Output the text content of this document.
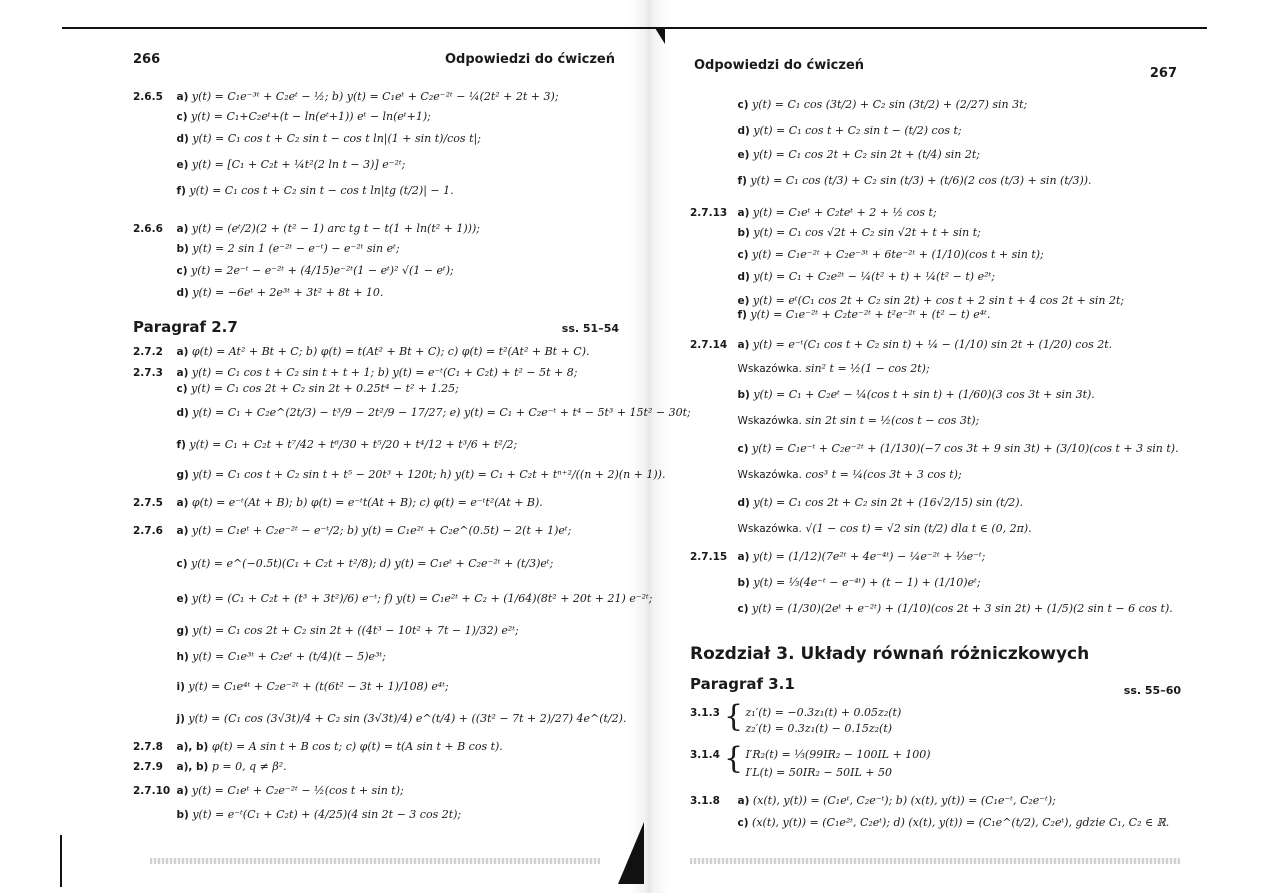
266	Odpowiedzi do ćwiczeń
2.6.5 a) y(t) = C₁e⁻³ᵗ + C₂eᵗ − ½; b) y(t) = C₁eᵗ + C₂e⁻²ᵗ − ¼(2t² + 2t + 3);
c) y(t) = C₁+C₂eᵗ+(t − ln(eᵗ+1)) eᵗ − ln(eᵗ+1);
d) y(t) = C₁ cos t + C₂ sin t − cos t ln|(1 + sin t)/cos t|;
e) y(t) = [C₁ + C₂t + ¼t²(2 ln t − 3)] e⁻²ᵗ;
f) y(t) = C₁ cos t + C₂ sin t − cos t ln|tg (t/2)| − 1.
2.6.6 a) y(t) = (eᵗ/2)(2 + (t² − 1) arc tg t − t(1 + ln(t² + 1)));
b) y(t) = 2 sin 1 (e⁻²ᵗ − e⁻ᵗ) − e⁻²ᵗ sin eᵗ;
c) y(t) = 2e⁻ᵗ − e⁻²ᵗ + (4/15)e⁻²ᵗ(1 − eᵗ)² √(1 − eᵗ);
d) y(t) = −6eᵗ + 2e³ᵗ + 3t² + 8t + 10.
Paragraf 2.7	ss. 51–54
2.7.2 a) φ(t) = At² + Bt + C; b) φ(t) = t(At² + Bt + C); c) φ(t) = t²(At² + Bt + C).
2.7.3 a) y(t) = C₁ cos t + C₂ sin t + t + 1; b) y(t) = e⁻ᵗ(C₁ + C₂t) + t² − 5t + 8;
c) y(t) = C₁ cos 2t + C₂ sin 2t + 0.25t⁴ − t² + 1.25;
d) y(t) = C₁ + C₂e^(2t/3) − t³/9 − 2t²/9 − 17/27; e) y(t) = C₁ + C₂e⁻ᵗ + t⁴ − 5t³ + 15t² − 30t;
f) y(t) = C₁ + C₂t + t⁷/42 + t⁶/30 + t⁵/20 + t⁴/12 + t³/6 + t²/2;
g) y(t) = C₁ cos t + C₂ sin t + t⁵ − 20t³ + 120t; h) y(t) = C₁ + C₂t + tⁿ⁺²/((n + 2)(n + 1)).
2.7.5 a) φ(t) = e⁻ᵗ(At + B); b) φ(t) = e⁻ᵗt(At + B); c) φ(t) = e⁻ᵗt²(At + B).
2.7.6 a) y(t) = C₁eᵗ + C₂e⁻²ᵗ − e⁻ᵗ/2; b) y(t) = C₁e²ᵗ + C₂e^(0.5t) − 2(t + 1)eᵗ;
c) y(t) = e^(−0.5t)(C₁ + C₂t + t²/8); d) y(t) = C₁eᵗ + C₂e⁻²ᵗ + (t/3)eᵗ;
e) y(t) = (C₁ + C₂t + (t³ + 3t²)/6) e⁻ᵗ; f) y(t) = C₁e²ᵗ + C₂ + (1/64)(8t² + 20t + 21) e⁻²ᵗ;
g) y(t) = C₁ cos 2t + C₂ sin 2t + ((4t³ − 10t² + 7t − 1)/32) e²ᵗ;
h) y(t) = C₁e³ᵗ + C₂eᵗ + (t/4)(t − 5)e³ᵗ;
i) y(t) = C₁e⁴ᵗ + C₂e⁻²ᵗ + (t(6t² − 3t + 1)/108) e⁴ᵗ;
j) y(t) = (C₁ cos (3√3t)/4 + C₂ sin (3√3t)/4) e^(t/4) + ((3t² − 7t + 2)/27) 4e^(t/2).
2.7.8 a), b) φ(t) = A sin t + B cos t; c) φ(t) = t(A sin t + B cos t).
2.7.9 a), b) p = 0, q ≠ β².
2.7.10 a) y(t) = C₁eᵗ + C₂e⁻²ᵗ − ½(cos t + sin t);
b) y(t) = e⁻ᵗ(C₁ + C₂t) + (4/25)(4 sin 2t − 3 cos 2t);
Odpowiedzi do ćwiczeń
267
c) y(t) = C₁ cos (3t/2) + C₂ sin (3t/2) + (2/27) sin 3t;
d) y(t) = C₁ cos t + C₂ sin t − (t/2) cos t;
e) y(t) = C₁ cos 2t + C₂ sin 2t + (t/4) sin 2t;
f) y(t) = C₁ cos (t/3) + C₂ sin (t/3) + (t/6)(2 cos (t/3) + sin (t/3)).
2.7.13 a) y(t) = C₁eᵗ + C₂teᵗ + 2 + ½ cos t;
b) y(t) = C₁ cos √2t + C₂ sin √2t + t + sin t;
c) y(t) = C₁e⁻²ᵗ + C₂e⁻³ᵗ + 6te⁻²ᵗ + (1/10)(cos t + sin t);
d) y(t) = C₁ + C₂e²ᵗ − ¼(t² + t) + ¼(t² − t) e²ᵗ;
e) y(t) = eᵗ(C₁ cos 2t + C₂ sin 2t) + cos t + 2 sin t + 4 cos 2t + sin 2t;
f) y(t) = C₁e⁻²ᵗ + C₂te⁻²ᵗ + t²e⁻²ᵗ + (t² − t) e⁴ᵗ.
2.7.14 a) y(t) = e⁻ᵗ(C₁ cos t + C₂ sin t) + ¼ − (1/10) sin 2t + (1/20) cos 2t.
Wskazówka. sin² t = ½(1 − cos 2t);
b) y(t) = C₁ + C₂eᵗ − ¼(cos t + sin t) + (1/60)(3 cos 3t + sin 3t).
Wskazówka. sin 2t sin t = ½(cos t − cos 3t);
c) y(t) = C₁e⁻ᵗ + C₂e⁻²ᵗ + (1/130)(−7 cos 3t + 9 sin 3t) + (3/10)(cos t + 3 sin t).
Wskazówka. cos³ t = ¼(cos 3t + 3 cos t);
d) y(t) = C₁ cos 2t + C₂ sin 2t + (16√2/15) sin (t/2).
Wskazówka. √(1 − cos t) = √2 sin (t/2) dla t ∈ (0, 2π).
2.7.15 a) y(t) = (1/12)(7e²ᵗ + 4e⁻⁴ᵗ) − ¼e⁻²ᵗ + ⅓e⁻ᵗ;
b) y(t) = ⅓(4e⁻ᵗ − e⁻⁴ᵗ) + (t − 1) + (1/10)eᵗ;
c) y(t) = (1/30)(2eᵗ + e⁻²ᵗ) + (1/10)(cos 2t + 3 sin 2t) + (1/5)(2 sin t − 6 cos t).
Rozdział 3. Układy równań różniczkowych
Paragraf 3.1	ss. 55–60
{
3.1.3 z₁′(t) = −0.3z₁(t) + 0.05z₂(t)
z₂′(t) = 0.3z₁(t) − 0.15z₂(t)
{
3.1.4 I′R₂(t) = ⅓(99IR₂ − 100IL + 100)
I′L(t) = 50IR₂ − 50IL + 50
3.1.8 a) (x(t), y(t)) = (C₁eᵗ, C₂e⁻ᵗ); b) (x(t), y(t)) = (C₁e⁻ᵗ, C₂e⁻ᵗ);
c) (x(t), y(t)) = (C₁e²ᵗ, C₂eᵗ); d) (x(t), y(t)) = (C₁e^(t/2), C₂eᵗ), gdzie C₁, C₂ ∈ ℝ.
